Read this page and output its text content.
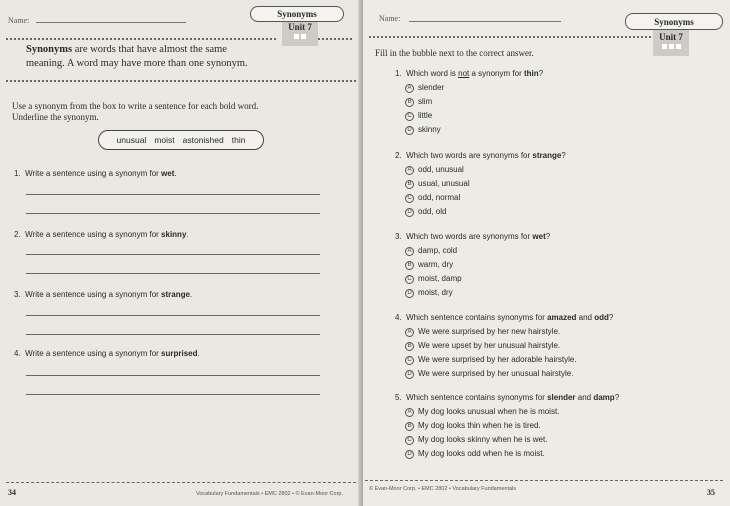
Name:
Synonyms
Unit 7
Synonyms are words that have almost the same
meaning. A word may have more than one synonym.
Use a synonym from the box to write a sentence for each bold word.
Underline the synonym.
unusual moist astonished thin
1. Write a sentence using a synonym for wet.
2. Write a sentence using a synonym for skinny.
3. Write a sentence using a synonym for strange.
4. Write a sentence using a synonym for surprised.
34	Vocabulary Fundamentals • EMC 2802 • © Evan-Moor Corp.
Name:	Synonyms
Unit 7
Fill in the bubble next to the correct answer.
1. Which word is not a synonym for thin?
A slender
B slim
C little
D skinny
2. Which two words are synonyms for strange?
A odd, unusual
B usual, unusual
C odd, normal
D odd, old
3. Which two words are synonyms for wet?
A damp, cold
B warm, dry
C moist, damp
D moist, dry
4. Which sentence contains synonyms for amazed and odd?
A We were surprised by her new hairstyle.
B We were upset by her unusual hairstyle.
C We were surprised by her adorable hairstyle.
D We were surprised by her unusual hairstyle.
5. Which sentence contains synonyms for slender and damp?
A My dog looks unusual when he is moist.
B My dog looks thin when he is tired.
C My dog looks skinny when he is wet.
D My dog looks odd when he is moist.
© Evan-Moor Corp. • EMC 2802 • Vocabulary Fundamentals	35
